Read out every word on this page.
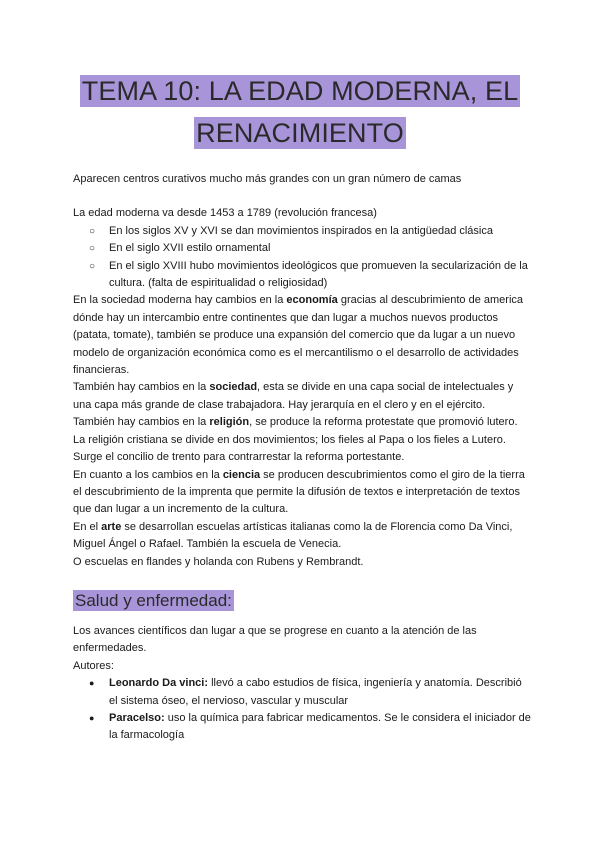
TEMA 10: LA EDAD MODERNA, EL
RENACIMIENTO

Aparecen centros curativos mucho más grandes con un gran número de camas

La edad moderna va desde 1453 a 1789 (revolución francesa)

○ En los siglos XV y XVI se dan movimientos inspirados en la antigüedad clásica
○ En el siglo XVII estilo ornamental
○ En el siglo XVIII hubo movimientos ideológicos que promueven la secularización de la cultura. (falta de espiritualidad o religiosidad)

En la sociedad moderna hay cambios en la economía gracias al descubrimiento de america dónde hay un intercambio entre continentes que dan lugar a muchos nuevos productos (patata, tomate), también se produce una expansión del comercio que da lugar a un nuevo modelo de organización económica como es el mercantilismo o el desarrollo de actividades financieras.

También hay cambios en la sociedad, esta se divide en una capa social de intelectuales y una capa más grande de clase trabajadora. Hay jerarquía en el clero y en el ejército.

También hay cambios en la religión, se produce la reforma protestate que promovió lutero.

La religión cristiana se divide en dos movimientos; los fieles al Papa o los fieles a Lutero.

Surge el concilio de trento para contrarrestar la reforma portestante.

En cuanto a los cambios en la ciencia se producen descubrimientos como el giro de la tierra el descubrimiento de la imprenta que permite la difusión de textos e interpretación de textos que dan lugar a un incremento de la cultura.

En el arte se desarrollan escuelas artísticas italianas como la de Florencia como Da Vinci, Miguel Ángel o Rafael. También la escuela de Venecia.

O escuelas en flandes y holanda con Rubens y Rembrandt.

Salud y enfermedad:

Los avances científicos dan lugar a que se progrese en cuanto a la atención de las enfermedades.

Autores:

● Leonardo Da vinci: llevó a cabo estudios de física, ingeniería y anatomía. Describió el sistema óseo, el nervioso, vascular y muscular
● Paracelso: uso la química para fabricar medicamentos. Se le considera el iniciador de la farmacología
